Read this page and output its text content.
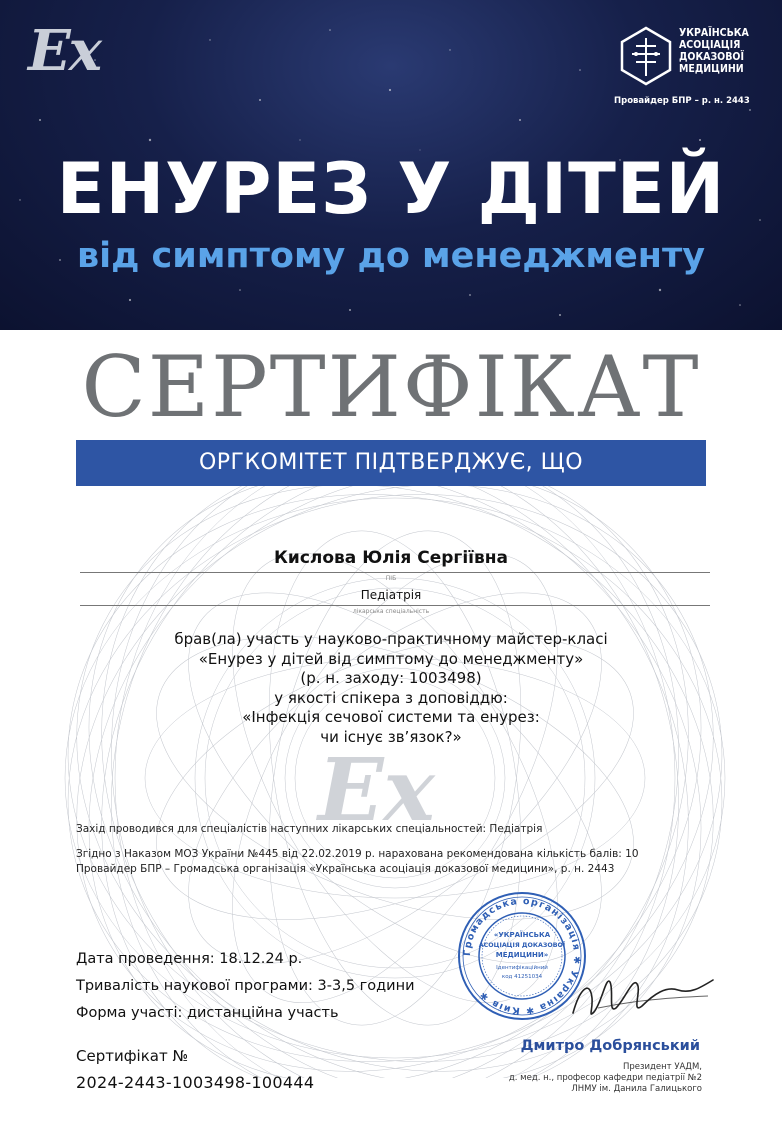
Ex	УКРАЇНСЬКА
АСОЦІАЦІЯ
ДОКАЗОВОЇ
МЕДИЦИНИ
Провайдер БПР – р. н. 2443
ЕНУРЕЗ У ДІТЕЙ
від симптому до менеджменту
СЕРТИФІКАТ
Ex
ОРГКОМІТЕТ ПІДТВЕРДЖУЄ, ЩО
Кислова Юлія Сергіївна
ПІБ
Педіатрія
лікарська спеціальність
брав(ла) участь у науково-практичному майстер-класі
«Енурез у дітей від симптому до менеджменту»
(р. н. заходу: 1003498)
у якості спікера з доповіддю:
«Інфекція сечової системи та енурез:
чи існує зв’язок?»
Захід проводився для спеціалістів наступних лікарських спеціальностей: Педіатрія
Згідно з Наказом МОЗ України №445 від 22.02.2019 р. нарахована рекомендована кількість балів: 10
Провайдер БПР – Громадська організація «Українська асоціація доказової медицини», р. н. 2443
Дата проведення: 18.12.24 р.
Тривалість наукової програми: 3-3,5 години
Форма участі: дистанційна участь
Сертифікат №
2024-2443-1003498-100444
Громадська організація ✱ Україна ✱ Київ ✱
«УКРАЇНСЬКА
АСОЦІАЦІЯ ДОКАЗОВОЇ
МЕДИЦИНИ»
Ідентифікаційний
код 41251034
Дмитро Добрянський
Президент УАДМ,
д. мед. н., професор кафедри педіатрії №2
ЛНМУ ім. Данила Галицького
